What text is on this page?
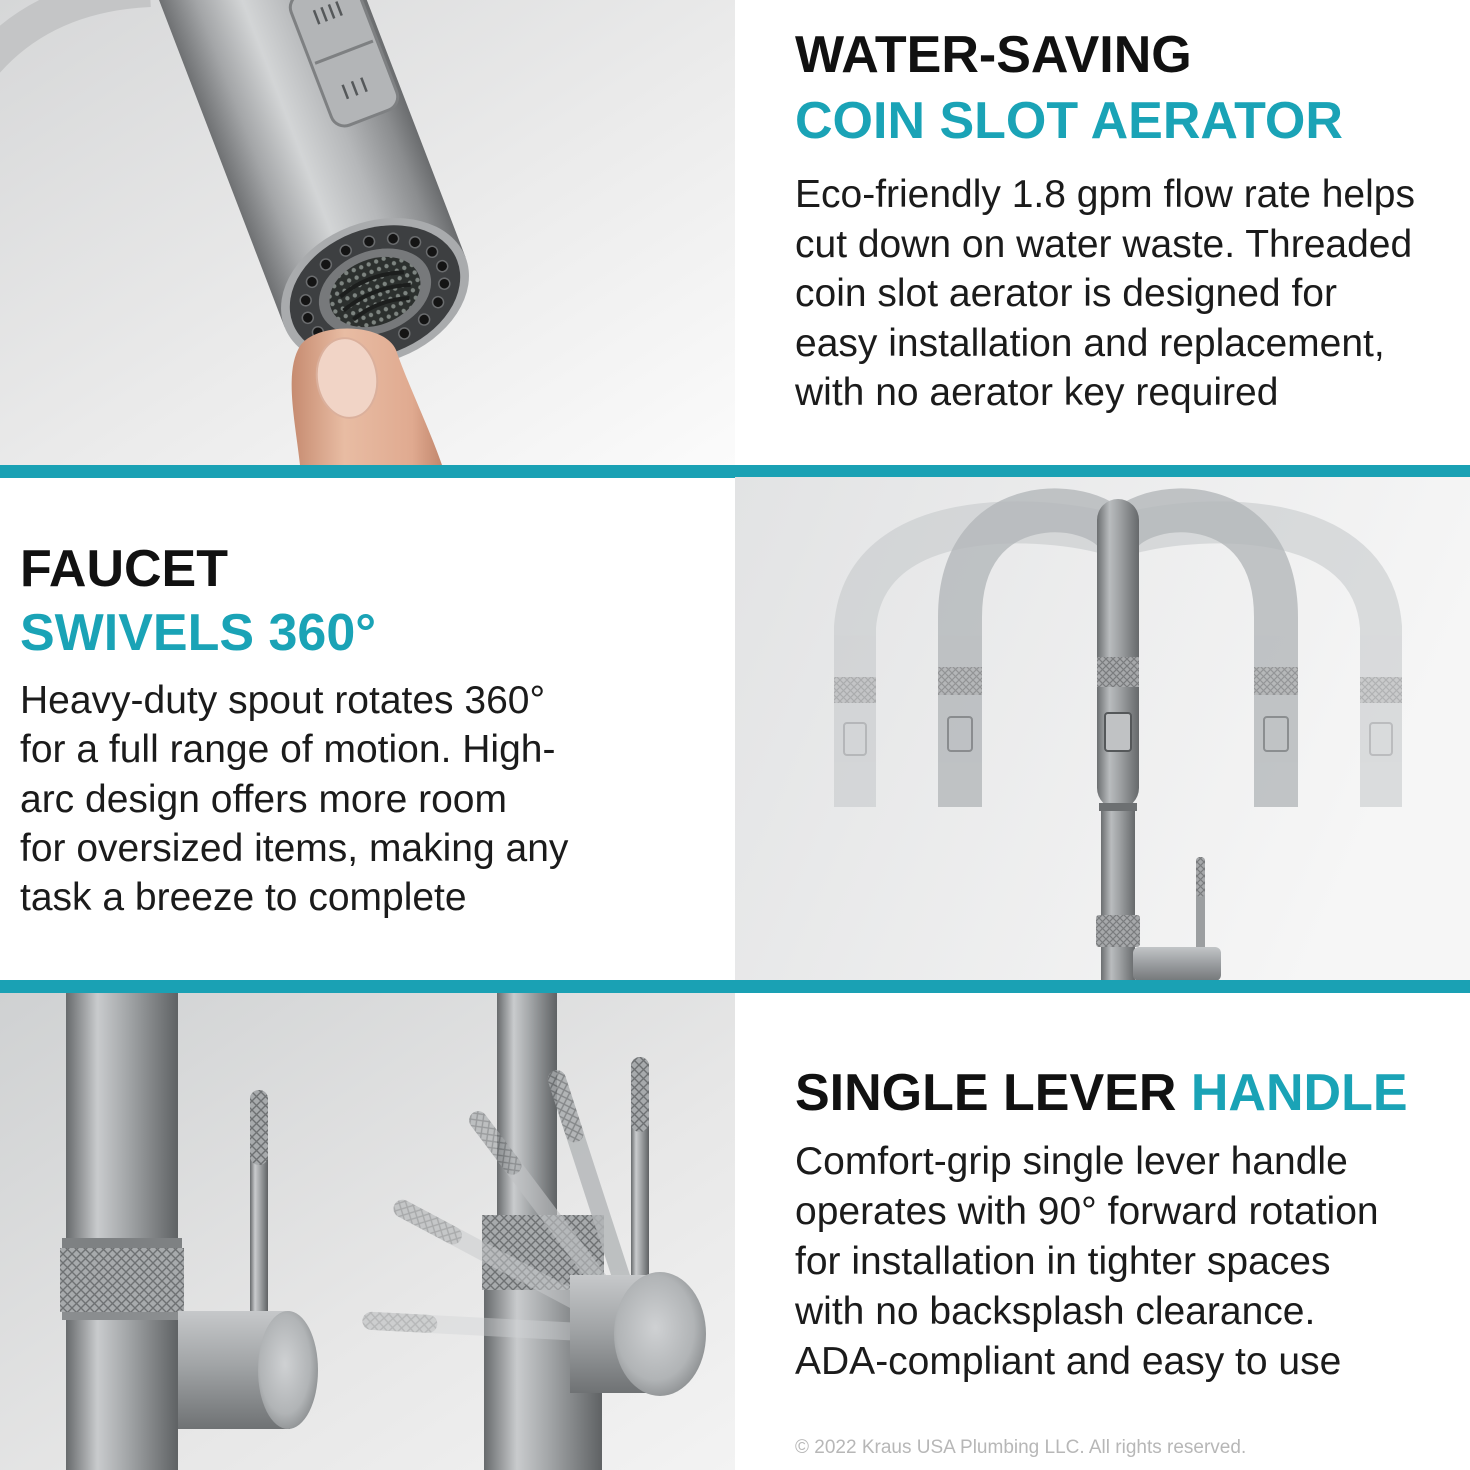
WATER-SAVING
COIN SLOT AERATOR
Eco-friendly 1.8 gpm flow rate helps
cut down on water waste. Threaded
coin slot aerator is designed for
easy installation and replacement,
with no aerator key required
FAUCET
SWIVELS 360°
Heavy-duty spout rotates 360°
for a full range of motion. High-
arc design offers more room
for oversized items, making any
task a breeze to complete
SINGLE LEVER HANDLE
Comfort-grip single lever handle
operates with 90° forward rotation
for installation in tighter spaces
with no backsplash clearance.
ADA-compliant and easy to use
© 2022 Kraus USA Plumbing LLC. All rights reserved.
